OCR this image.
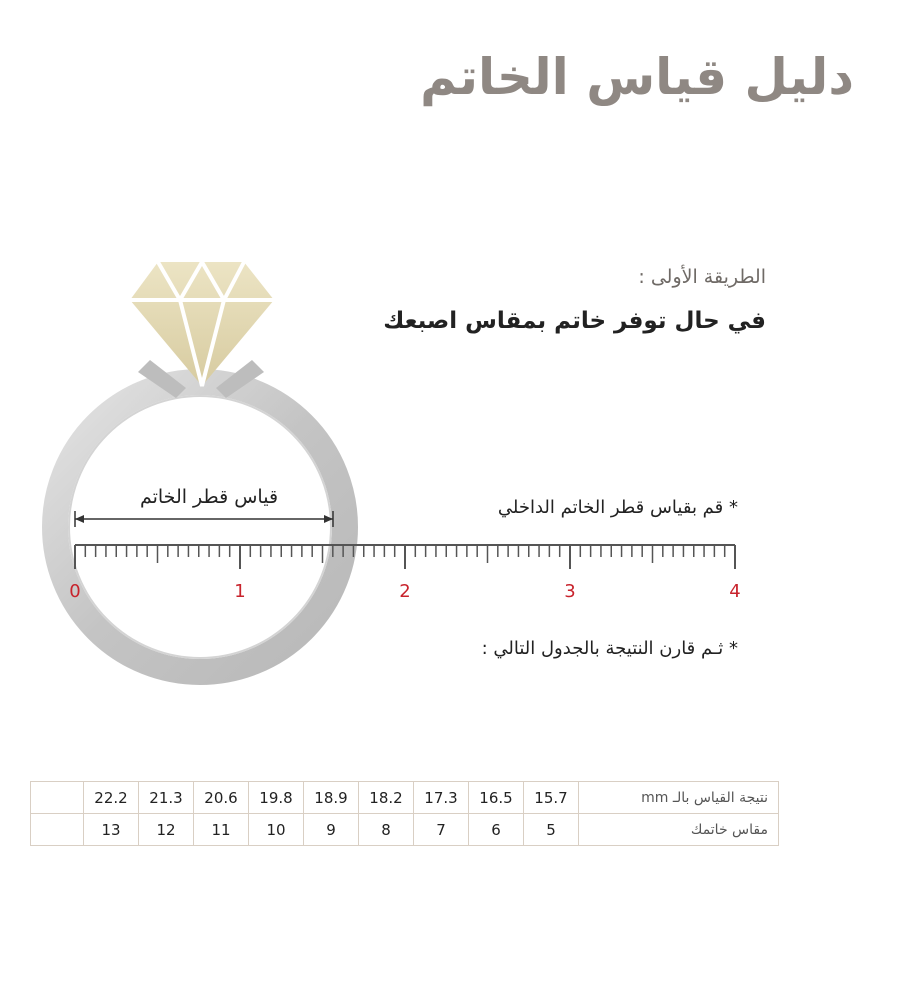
دليل قياس الخاتم
الطريقة الأولى :
في حال توفر خاتم بمقاس اصبعك
0	1	2	3	4
قياس قطر الخاتم	* قم بقياس قطر الخاتم الداخلي
* ثـم قارن النتيجة بالجدول التالي :
نتيجة القياس بالـ mm	15.7	16.5	17.3	18.2	18.9	19.8	20.6	21.3	22.2	
مقاس خاتمك	5	6	7	8	9	10	11	12	13	
